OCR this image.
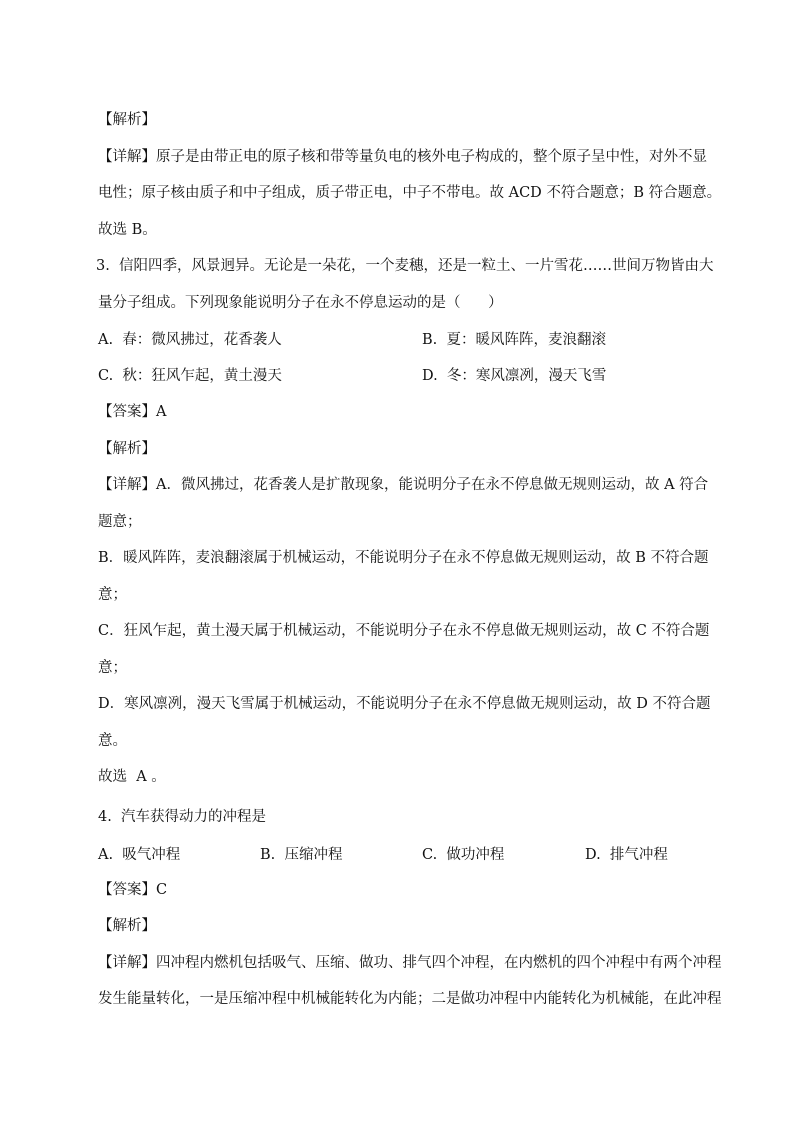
【解析】
【详解】原子是由带正电的原子核和带等量负电的核外电子构成的，整个原子呈中性，对外不显
电性；原子核由质子和中子组成，质子带正电，中子不带电。故 ACD 不符合题意；B 符合题意。
故选 B。
3.  信阳四季，风景迥异。无论是一朵花，一个麦穗，还是一粒土、一片雪花……世间万物皆由大
量分子组成。下列现象能说明分子在永不停息运动的是（      ）
A.  春：微风拂过，花香袭人	B.  夏：暖风阵阵，麦浪翻滚
C.  秋：狂风乍起，黄土漫天	D.  冬：寒风凛冽，漫天飞雪
【答案】A
【解析】
【详解】A．微风拂过，花香袭人是扩散现象，能说明分子在永不停息做无规则运动，故 A 符合
题意；
B．暖风阵阵，麦浪翻滚属于机械运动，不能说明分子在永不停息做无规则运动，故 B 不符合题
意；
C．狂风乍起，黄土漫天属于机械运动，不能说明分子在永不停息做无规则运动，故 C 不符合题
意；
D．寒风凛冽，漫天飞雪属于机械运动，不能说明分子在永不停息做无规则运动，故 D 不符合题
意。
故选  A 。
4.  汽车获得动力的冲程是
A.  吸气冲程	B.  压缩冲程	C.  做功冲程	D.  排气冲程
【答案】C
【解析】
【详解】四冲程内燃机包括吸气、压缩、做功、排气四个冲程，在内燃机的四个冲程中有两个冲程
发生能量转化，一是压缩冲程中机械能转化为内能；二是做功冲程中内能转化为机械能，在此冲程
